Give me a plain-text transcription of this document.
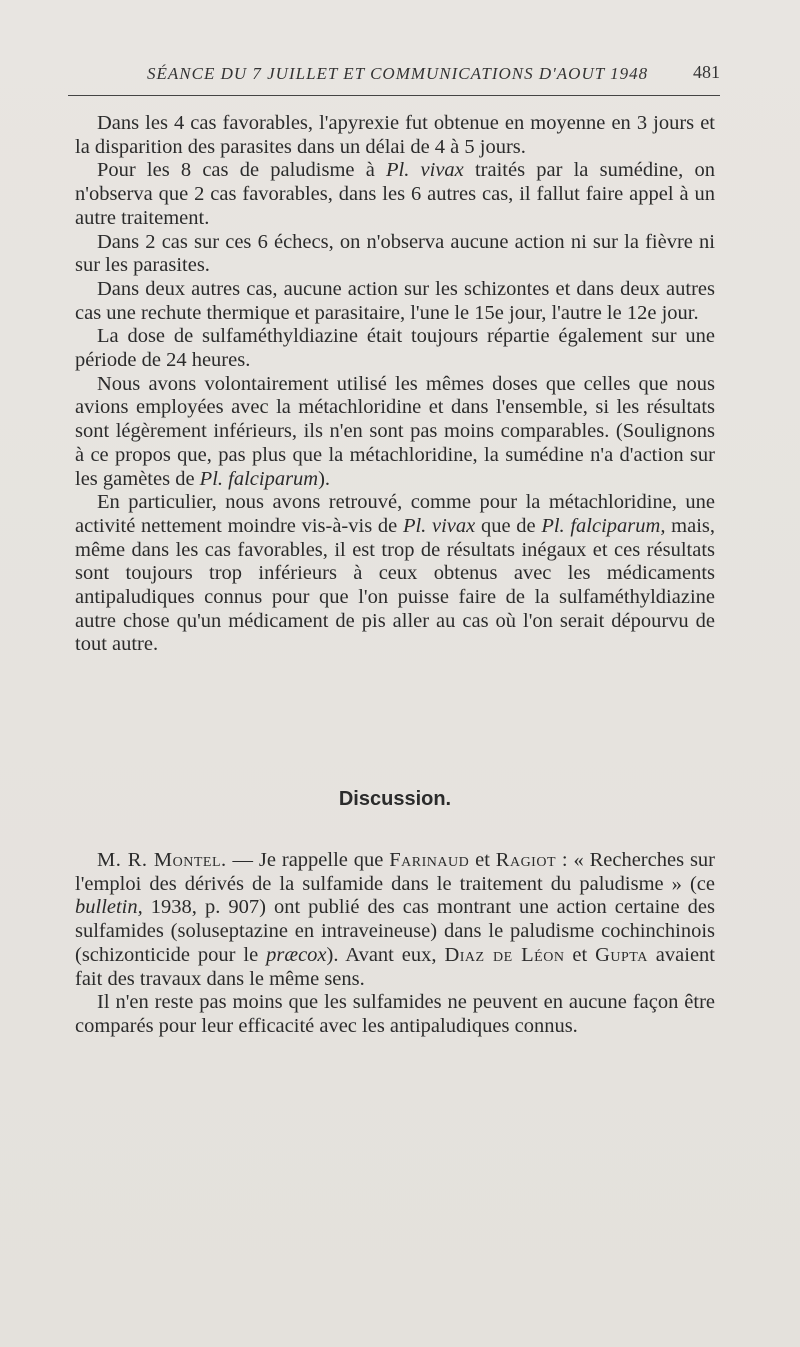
SÉANCE DU 7 JUILLET ET COMMUNICATIONS D'AOUT 1948 481

Dans les 4 cas favorables, l'apyrexie fut obtenue en moyenne en 3 jours et la disparition des parasites dans un délai de 4 à 5 jours.

Pour les 8 cas de paludisme à Pl. vivax traités par la sumédine, on n'observa que 2 cas favorables, dans les 6 autres cas, il fallut faire appel à un autre traitement.

Dans 2 cas sur ces 6 échecs, on n'observa aucune action ni sur la fièvre ni sur les parasites.

Dans deux autres cas, aucune action sur les schizontes et dans deux autres cas une rechute thermique et parasitaire, l'une le 15e jour, l'autre le 12e jour.

La dose de sulfaméthyldiazine était toujours répartie également sur une période de 24 heures.

Nous avons volontairement utilisé les mêmes doses que celles que nous avions employées avec la métachloridine et dans l'ensemble, si les résultats sont légèrement inférieurs, ils n'en sont pas moins comparables. (Soulignons à ce propos que, pas plus que la métachloridine, la sumédine n'a d'action sur les gamètes de Pl. falciparum).

En particulier, nous avons retrouvé, comme pour la métachloridine, une activité nettement moindre vis-à-vis de Pl. vivax que de Pl. falciparum, mais, même dans les cas favorables, il est trop de résultats inégaux et ces résultats sont toujours trop inférieurs à ceux obtenus avec les médicaments antipaludiques connus pour que l'on puisse faire de la sulfaméthyldiazine autre chose qu'un médicament de pis aller au cas où l'on serait dépourvu de tout autre.

Discussion.

M. R. Montel. — Je rappelle que Farinaud et Ragiot : « Recherches sur l'emploi des dérivés de la sulfamide dans le traitement du paludisme » (ce bulletin, 1938, p. 907) ont publié des cas montrant une action certaine des sulfamides (soluseptazine en intraveineuse) dans le paludisme cochinchinois (schizonticide pour le præcox). Avant eux, Diaz de Léon et Gupta avaient fait des travaux dans le même sens.

Il n'en reste pas moins que les sulfamides ne peuvent en aucune façon être comparés pour leur efficacité avec les antipaludiques connus.
